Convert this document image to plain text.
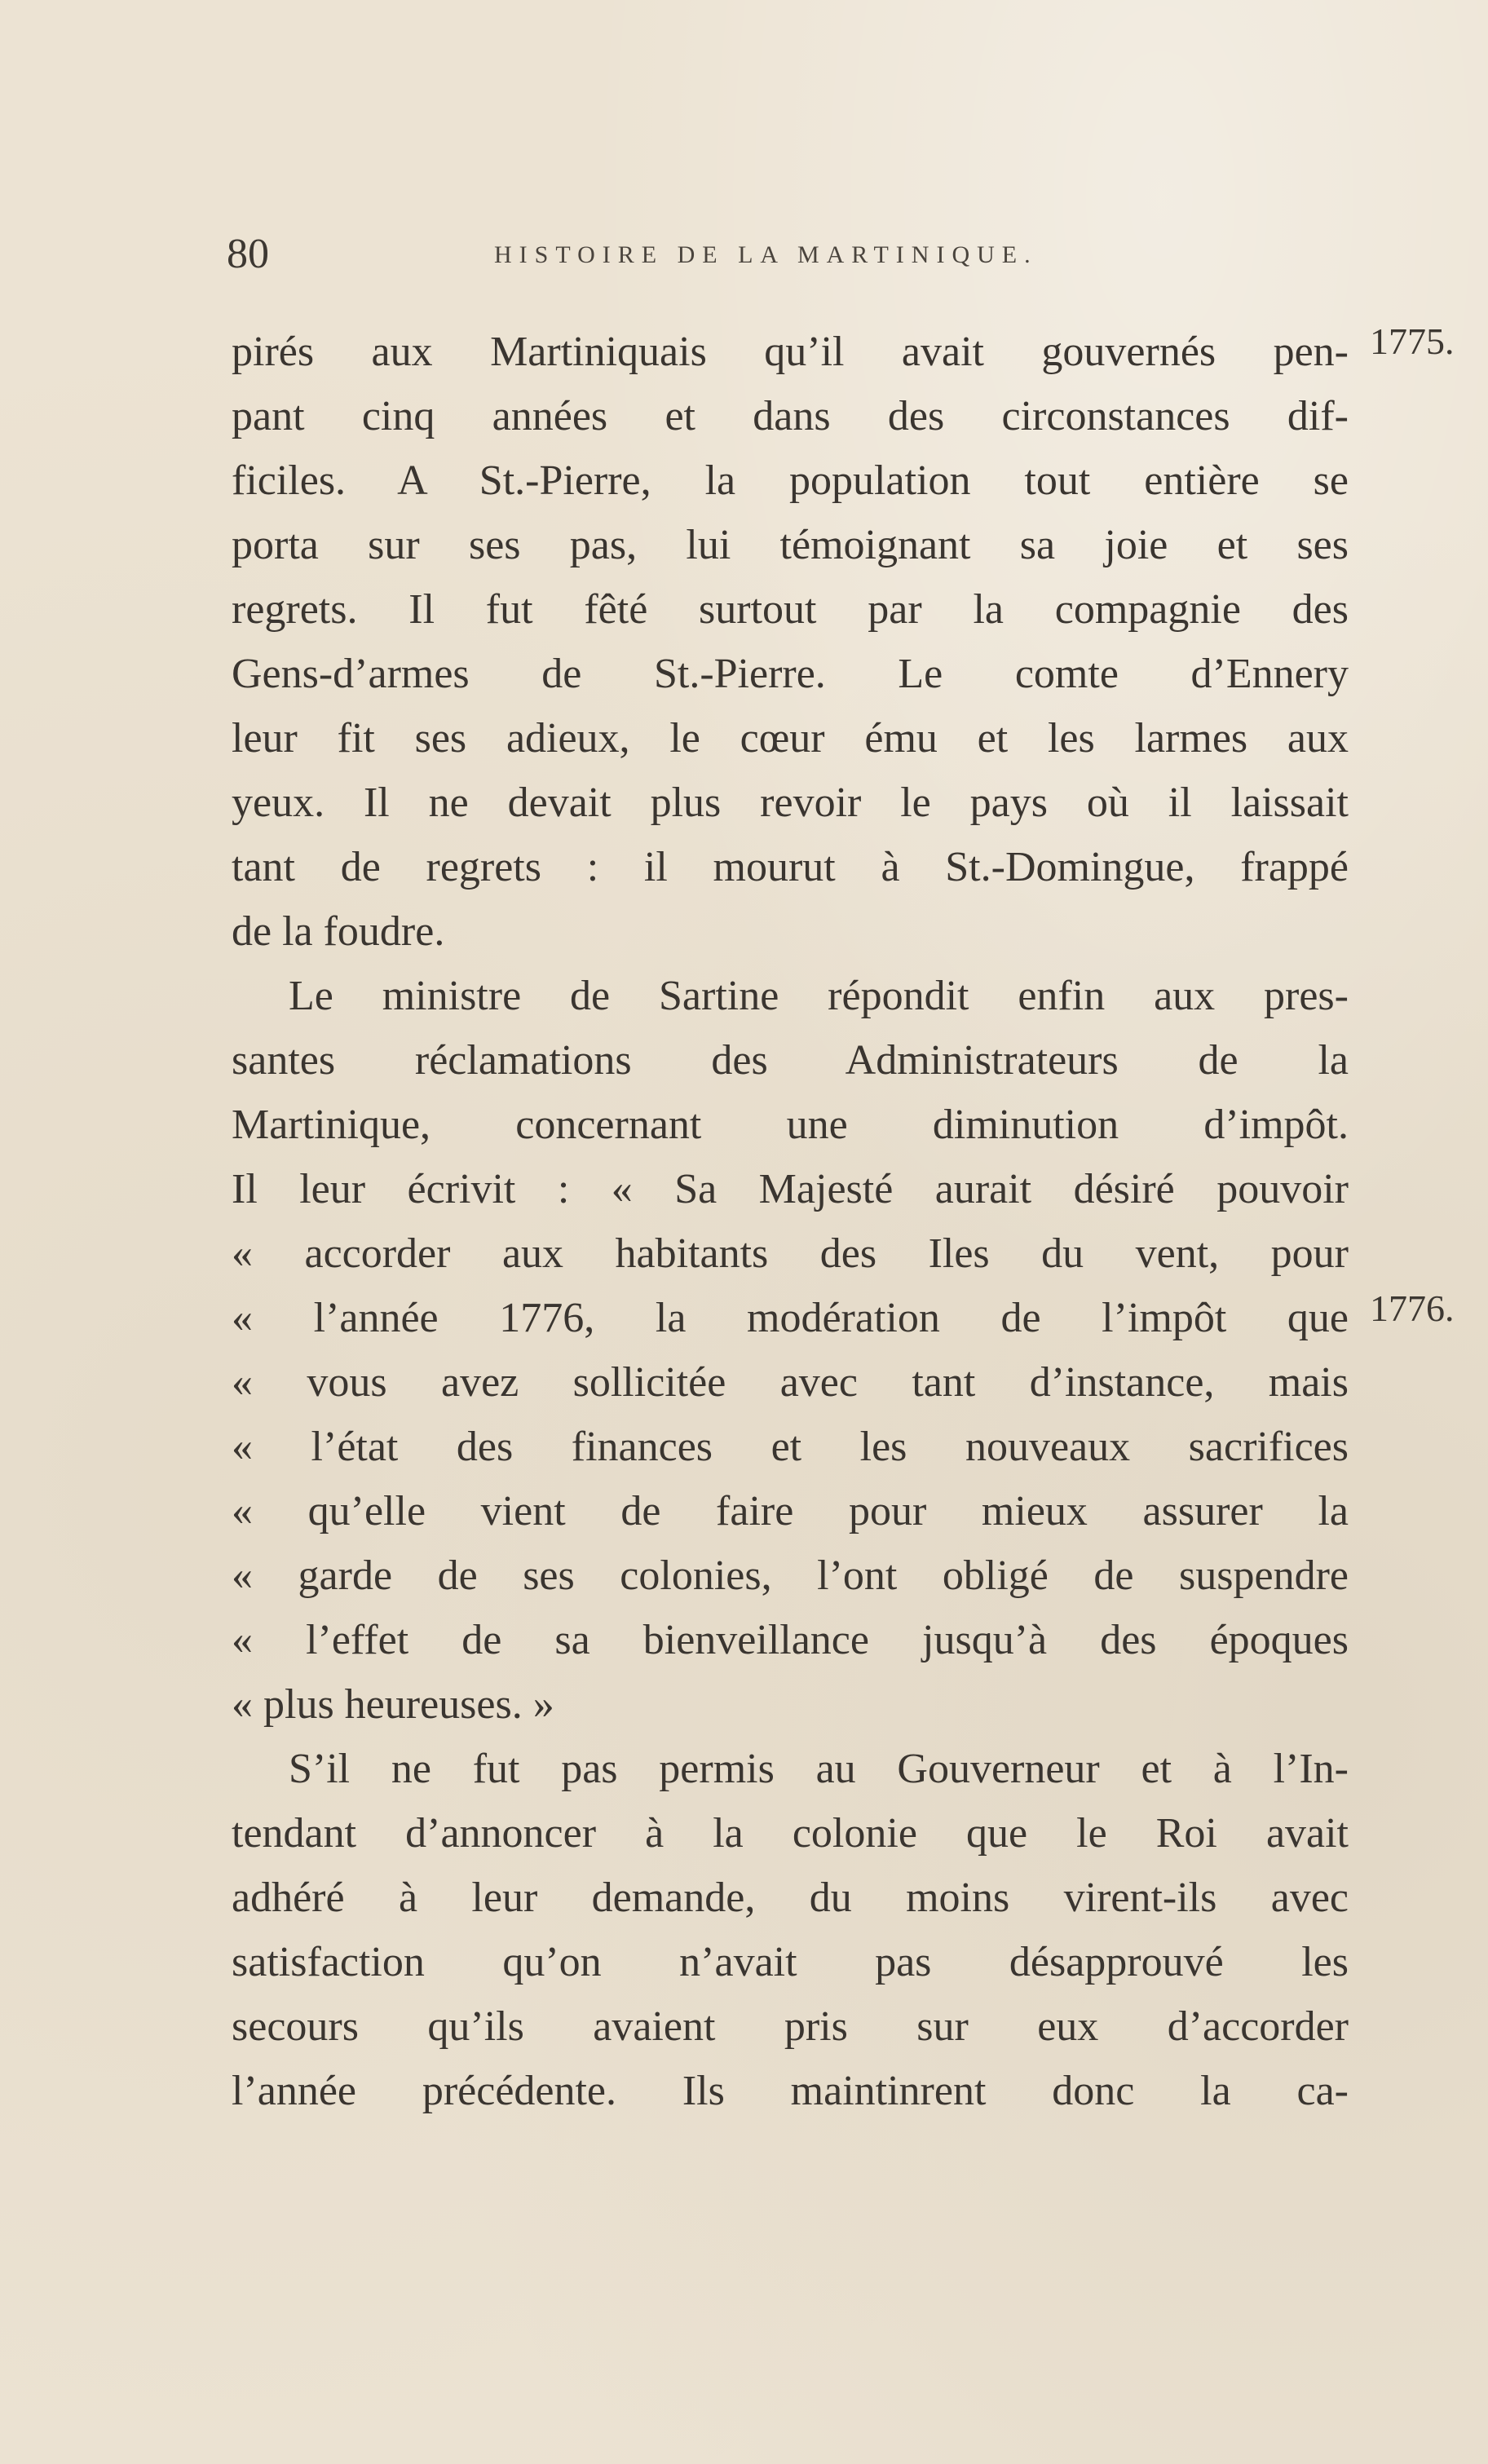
80	HISTOIRE DE LA MARTINIQUE.
1775.
1776.
pirés aux Martiniquais qu’il avait gouvernés pen-
pant cinq années et dans des circonstances dif-
ficiles. A St.-Pierre, la population tout entière se
porta sur ses pas, lui témoignant sa joie et ses
regrets. Il fut fêté surtout par la compagnie des
Gens-d’armes de St.-Pierre. Le comte d’Ennery
leur fit ses adieux, le cœur ému et les larmes aux
yeux. Il ne devait plus revoir le pays où il laissait
tant de regrets : il mourut à St.-Domingue, frappé
de la foudre.
Le ministre de Sartine répondit enfin aux pres-
santes réclamations des Administrateurs de la
Martinique, concernant une diminution d’impôt.
Il leur écrivit : « Sa Majesté aurait désiré pouvoir
« accorder aux habitants des Iles du vent, pour
« l’année 1776, la modération de l’impôt que
« vous avez sollicitée avec tant d’instance, mais
« l’état des finances et les nouveaux sacrifices
« qu’elle vient de faire pour mieux assurer la
« garde de ses colonies, l’ont obligé de suspendre
« l’effet de sa bienveillance jusqu’à des époques
« plus heureuses. »
S’il ne fut pas permis au Gouverneur et à l’In-
tendant d’annoncer à la colonie que le Roi avait
adhéré à leur demande, du moins virent-ils avec
satisfaction qu’on n’avait pas désapprouvé les
secours qu’ils avaient pris sur eux d’accorder
l’année précédente. Ils maintinrent donc la ca-
